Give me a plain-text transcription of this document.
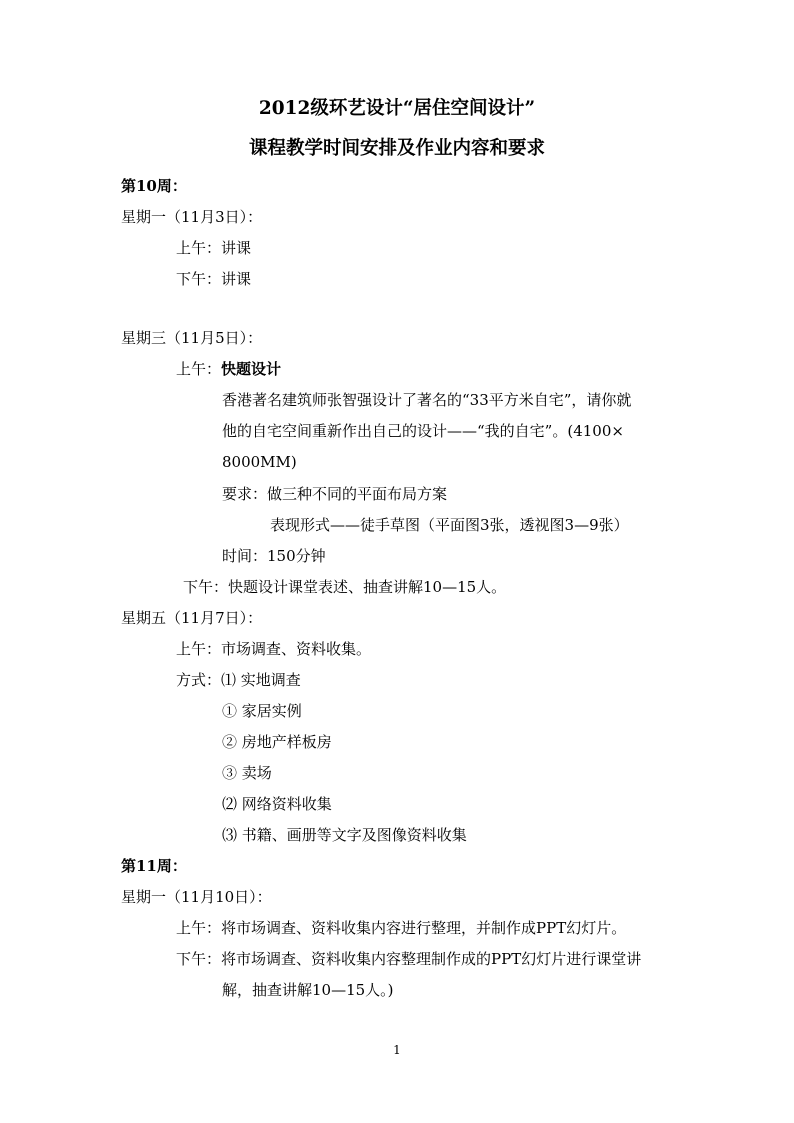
2012级环艺设计“居住空间设计”
课程教学时间安排及作业内容和要求
第10周：
星期一（11月3日）：
上午：讲课
下午：讲课
星期三（11月5日）：
上午：快题设计
香港著名建筑师张智强设计了著名的“33平方米自宅”，请你就
他的自宅空间重新作出自己的设计——“我的自宅”。(4100×
8000MM)
要求：做三种不同的平面布局方案
表现形式——徒手草图（平面图3张，透视图3—9张）
时间：150分钟
下午：快题设计课堂表述、抽查讲解10—15人。
星期五（11月7日）：
上午：市场调查、资料收集。
方式：⑴ 实地调查
① 家居实例
② 房地产样板房
③ 卖场
⑵ 网络资料收集
⑶ 书籍、画册等文字及图像资料收集
第11周：
星期一（11月10日）：
上午：将市场调查、资料收集内容进行整理，并制作成PPT幻灯片。
下午：将市场调查、资料收集内容整理制作成的PPT幻灯片进行课堂讲
解，抽查讲解10—15人。)
1
